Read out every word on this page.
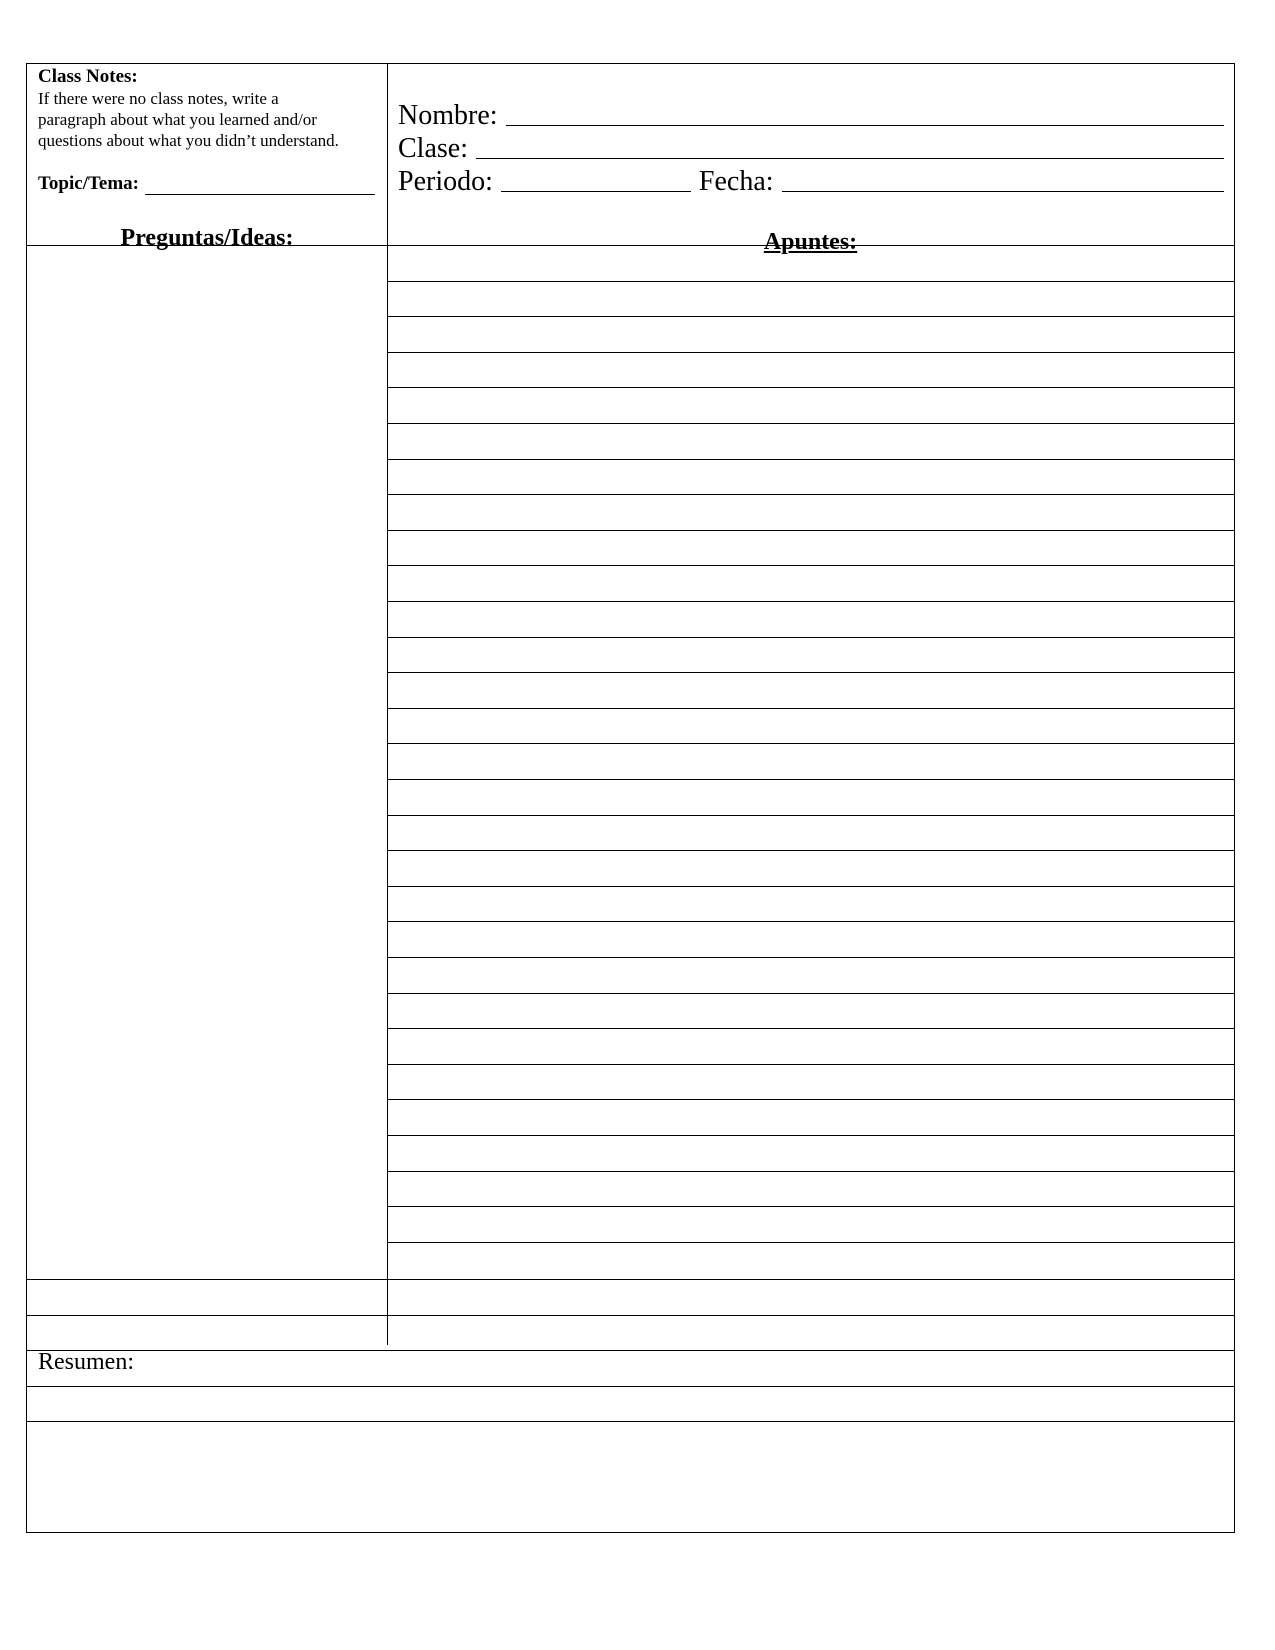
Class Notes:
If there were no class notes, write a
paragraph about what you learned and/or
questions about what you didn’t understand.
Topic/Tema:
Preguntas/Ideas:
Nombre:
Clase:
Periodo:	Fecha:
Apuntes:
Resumen:
